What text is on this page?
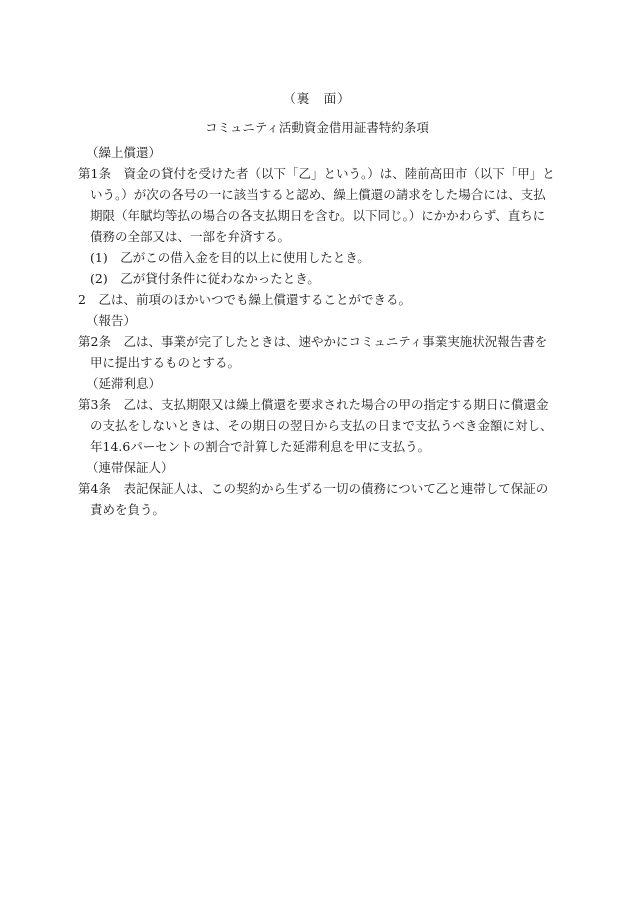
（裏　面）
コミュニティ活動資金借用証書特約条項
（繰上償還）
第1条　資金の貸付を受けた者（以下「乙」という。）は、陸前高田市（以下「甲」という。）が次の各号の一に該当すると認め、繰上償還の請求をした場合には、支払期限（年賦均等払の場合の各支払期日を含む。以下同じ。）にかかわらず、直ちに債務の全部又は、一部を弁済する。
(1)　乙がこの借入金を目的以上に使用したとき。
(2)　乙が貸付条件に従わなかったとき。
2　乙は、前項のほかいつでも繰上償還することができる。
（報告）
第2条　乙は、事業が完了したときは、速やかにコミュニティ事業実施状況報告書を甲に提出するものとする。
（延滞利息）
第3条　乙は、支払期限又は繰上償還を要求された場合の甲の指定する期日に償還金の支払をしないときは、その期日の翌日から支払の日まで支払うべき金額に対し、年14.6パーセントの割合で計算した延滞利息を甲に支払う。
（連帯保証人）
第4条　表記保証人は、この契約から生ずる一切の債務について乙と連帯して保証の責めを負う。
